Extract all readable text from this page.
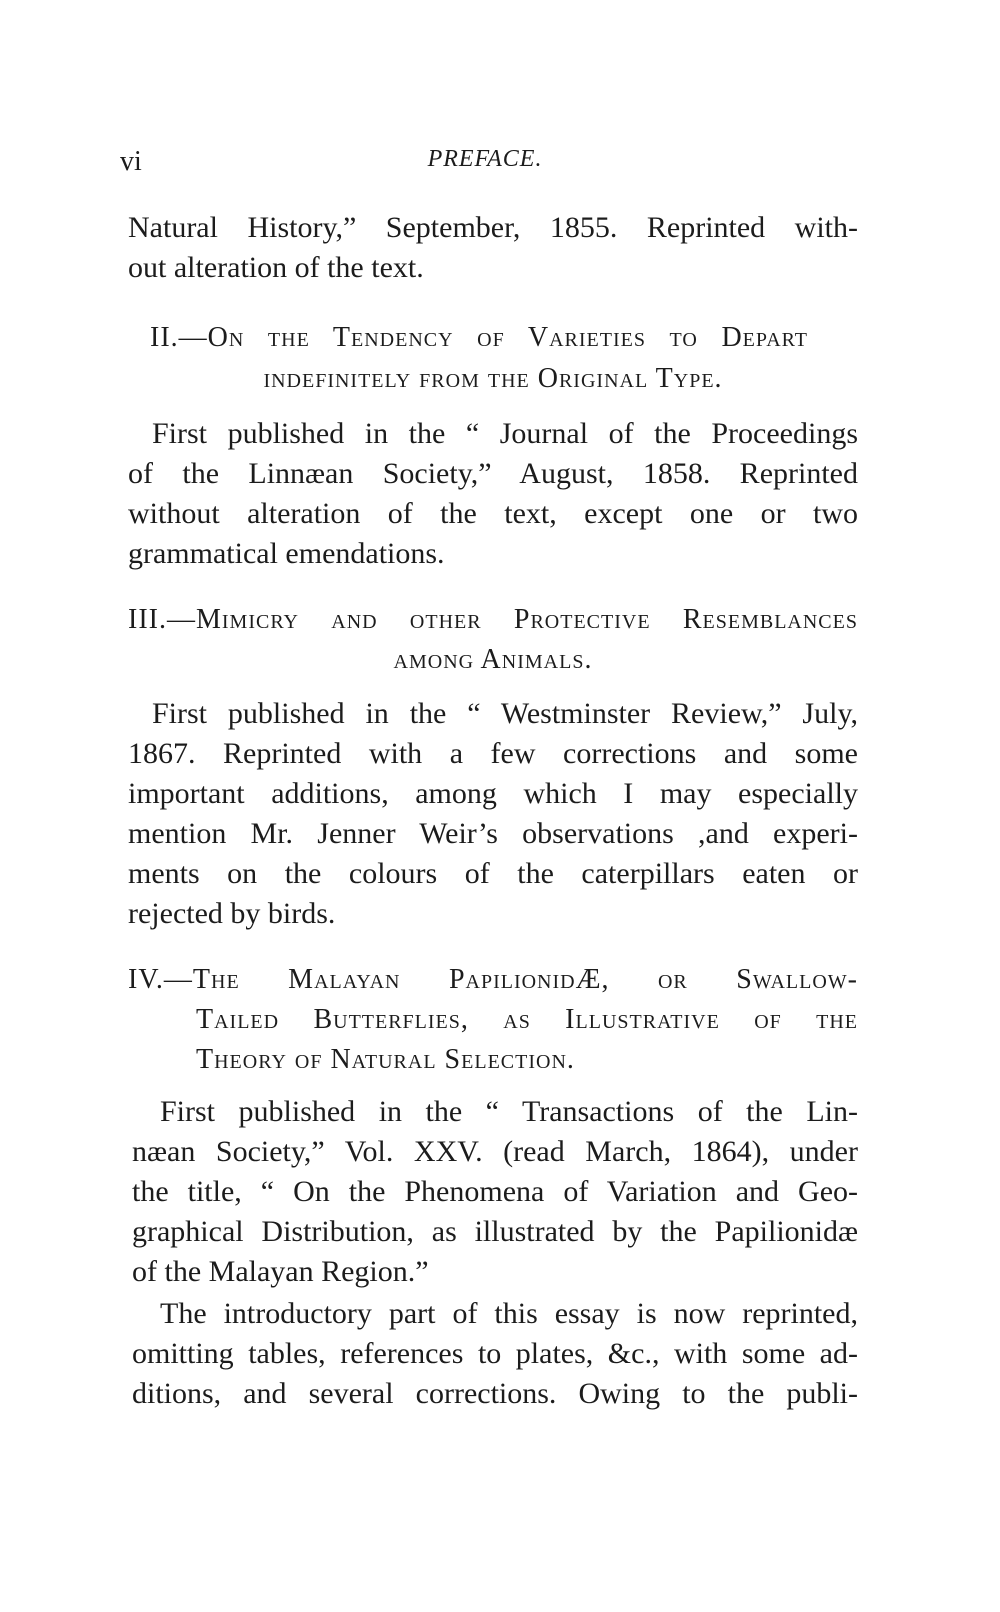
vi	PREFACE.
Natural History,” September, 1855. Reprinted with-
out alteration of the text.
II.—On the Tendency of Varieties to Depart
indefinitely from the Original Type.
First published in the “ Journal of the Proceedings
of the Linnæan Society,” August, 1858. Reprinted
without alteration of the text, except one or two
grammatical emendations.
III.—Mimicry and other Protective Resemblances
among Animals.
First published in the “ Westminster Review,” July,
1867. Reprinted with a few corrections and some
important additions, among which I may especially
mention Mr. Jenner Weir’s observations ,and experi-
ments on the colours of the caterpillars eaten or
rejected by birds.
IV.—The Malayan PapilionidÆ, or Swallow-
Tailed Butterflies, as Illustrative of the
Theory of Natural Selection.
First published in the “ Transactions of the Lin-
næan Society,” Vol. XXV. (read March, 1864), under
the title, “ On the Phenomena of Variation and Geo-
graphical Distribution, as illustrated by the Papilionidæ
of the Malayan Region.”
The introductory part of this essay is now reprinted,
omitting tables, references to plates, &c., with some ad-
ditions, and several corrections. Owing to the publi-
